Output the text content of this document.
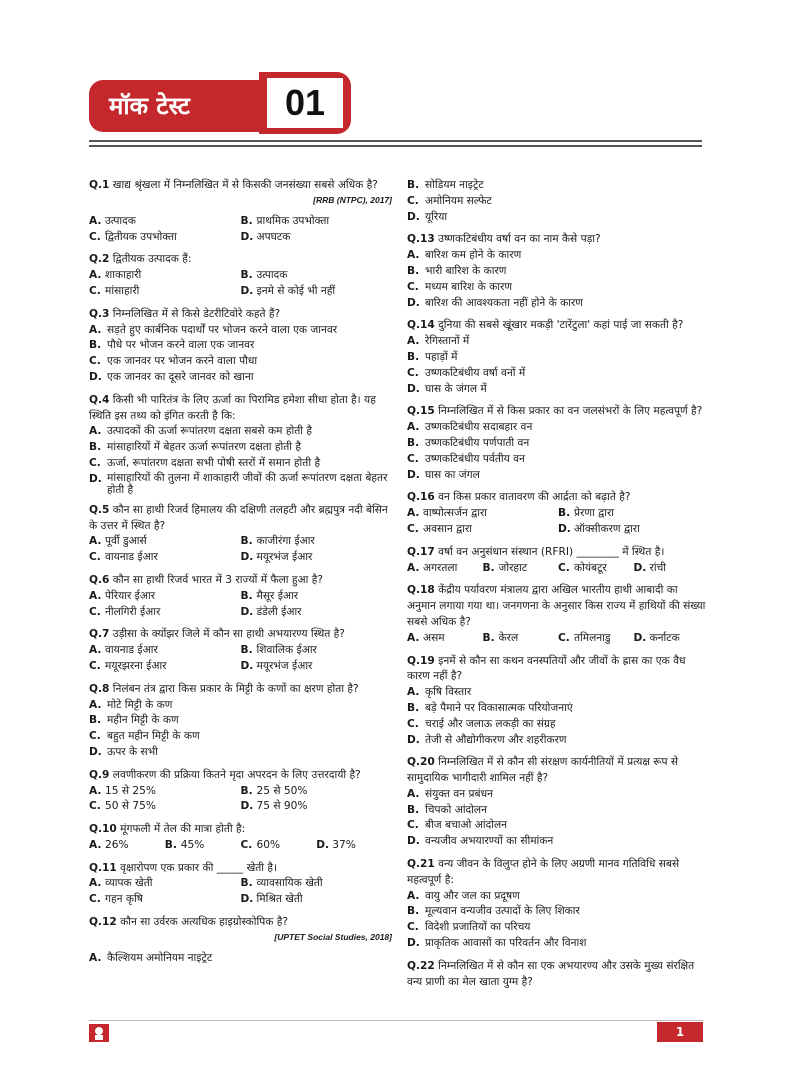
मॉक टेस्ट	01
Q.1 खाद्य श्रृंखला में निम्नलिखित में से किसकी जनसंख्या सबसे अधिक है?
[RRB (NTPC), 2017]
A. उत्पादक	B. प्राथमिक उपभोक्ता
C. द्वितीयक उपभोक्ता	D. अपघटक
Q.2 द्वितीयक उत्पादक हैं:
A. शाकाहारी	B. उत्पादक
C. मांसाहारी	D. इनमे से कोई भी नहीं
Q.3 निम्नलिखित में से किसे डेटरीटिवोरे कहते हैं?
A. सड़ते हुए कार्बनिक पदार्थों पर भोजन करने वाला एक जानवर
B. पौधे पर भोजन करने वाला एक जानवर
C. एक जानवर पर भोजन करने वाला पौधा
D. एक जानवर का दूसरे जानवर को खाना
Q.4 किसी भी पारितंत्र के लिए ऊर्जा का पिरामिड हमेशा सीधा होता है। यह स्थिति इस तथ्य को इंगित करती है कि:
A. उत्पादकों की ऊर्जा रूपांतरण दक्षता सबसे कम होती है
B. मांसाहारियों में बेहतर ऊर्जा रूपांतरण दक्षता होती है
C. ऊर्जा, रूपांतरण दक्षता सभी पोषी स्तरों में समान होती है
D. मांसाहारियों की तुलना में शाकाहारी जीवों की ऊर्जा रूपांतरण दक्षता बेहतर होती है
Q.5 कौन सा हाथी रिजर्व हिमालय की दक्षिणी तलहटी और ब्रह्मपुत्र नदी बेसिन के उत्तर में स्थित है?
A. पूर्वी डुआर्स	B. काजीरंगा ईआर
C. वायनाड ईआर	D. मयूरभंज ईआर
Q.6 कौन सा हाथी रिजर्व भारत में 3 राज्यों में फैला हुआ है?
A. पेरियार ईआर	B. मैसूर ईआर
C. नीलगिरी ईआर	D. डंडेली ईआर
Q.7 उड़ीसा के क्योंझर जिले में कौन सा हाथी अभयारण्य स्थित है?
A. वायनाड ईआर	B. शिवालिक ईआर
C. मयूरझरना ईआर	D. मयूरभंज ईआर
Q.8 निलंबन तंत्र द्वारा किस प्रकार के मिट्टी के कणों का क्षरण होता है?
A. मोटे मिट्टी के कण
B. महीन मिट्टी के कण
C. बहुत महीन मिट्टी के कण
D. ऊपर के सभी
Q.9 लवणीकरण की प्रक्रिया कितने मृदा अपरदन के लिए उत्तरदायी है?
A. 15 से 25%	B. 25 से 50%
C. 50 से 75%	D. 75 से 90%
Q.10 मूंगफली में तेल की मात्रा होती है:
A. 26%	B. 45%	C. 60%	D. 37%
Q.11 वृक्षारोपण एक प्रकार की _____ खेती है।
A. व्यापक खेती	B. व्यावसायिक खेती
C. गहन कृषि	D. मिश्रित खेती
Q.12 कौन सा उर्वरक अत्यधिक हाइग्रोस्कोपिक है?
[UPTET Social Studies, 2018]
A. कैल्शियम अमोनियम नाइट्रेट
B. सोडियम नाइट्रेट
C. अमोनियम सल्फेट
D. यूरिया
Q.13 उष्णकटिबंधीय वर्षा वन का नाम कैसे पड़ा?
A. बारिश कम होने के कारण
B. भारी बारिश के कारण
C. मध्यम बारिश के कारण
D. बारिश की आवश्यकता नहीं होने के कारण
Q.14 दुनिया की सबसे खूंखार मकड़ी 'टारेंटुला' कहां पाई जा सकती है?
A. रेगिस्तानों में
B. पहाड़ों में
C. उष्णकटिबंधीय वर्षा वनों में
D. घास के जंगल में
Q.15 निम्नलिखित में से किस प्रकार का वन जलसंभरों के लिए महत्वपूर्ण है?
A. उष्णकटिबंधीय सदाबहार वन
B. उष्णकटिबंधीय पर्णपाती वन
C. उष्णकटिबंधीय पर्वतीय वन
D. घास का जंगल
Q.16 वन किस प्रकार वातावरण की आर्द्रता को बढ़ाते है?
A. वाष्पोत्सर्जन द्वारा	B. प्रेरणा द्वारा
C. अवसान द्वारा	D. ऑक्सीकरण द्वारा
Q.17 वर्षा वन अनुसंधान संस्थान (RFRI) ________ में स्थित है।
A. अगरतला B. जोरहाट	C. कोयंबटूर	D. रांची
Q.18 केंद्रीय पर्यावरण मंत्रालय द्वारा अखिल भारतीय हाथी आबादी का अनुमान लगाया गया था। जनगणना के अनुसार किस राज्य में हाथियों की संख्या सबसे अधिक है?
A. असम	B. केरल	C. तमिलनाडु D. कर्नाटक
Q.19 इनमें से कौन सा कथन वनस्पतियों और जीवों के ह्रास का एक वैध कारण नहीं है?
A. कृषि विस्तार
B. बड़े पैमाने पर विकासात्मक परियोजनाएं
C. चराई और जलाऊ लकड़ी का संग्रह
D. तेजी से औद्योगीकरण और शहरीकरण
Q.20 निम्नलिखित में से कौन सी संरक्षण कार्यनीतियों में प्रत्यक्ष रूप से सामुदायिक भागीदारी शामिल नहीं है?
A. संयुक्त वन प्रबंधन
B. चिपको आंदोलन
C. बीज बचाओ आंदोलन
D. वन्यजीव अभयारण्यों का सीमांकन
Q.21 वन्य जीवन के विलुप्त होने के लिए अग्रणी मानव गतिविधि सबसे महत्वपूर्ण है:
A. वायु और जल का प्रदूषण
B. मूल्यवान वन्यजीव उत्पादों के लिए शिकार
C. विदेशी प्रजातियों का परिचय
D. प्राकृतिक आवासों का परिवर्तन और विनाश
Q.22 निम्नलिखित में से कौन सा एक अभयारण्य और उसके मुख्य संरक्षित वन्य प्राणी का मेल खाता युग्म है?
1
